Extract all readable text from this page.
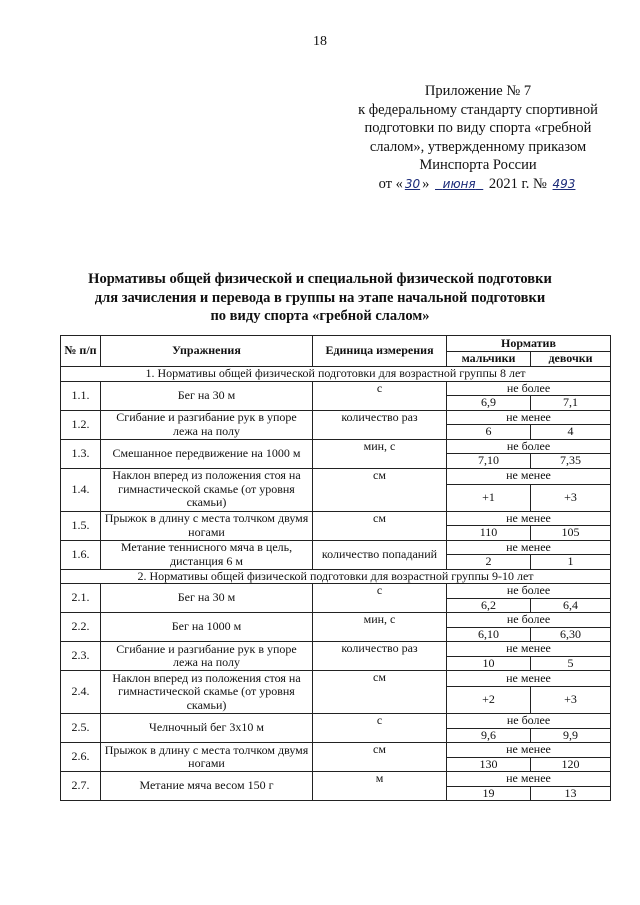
18
Приложение № 7
к федеральному стандарту спортивной
подготовки по виду спорта «гребной
слалом», утвержденному приказом
Минспорта России
от « 30 » июня 2021 г. № 493
Нормативы общей физической и специальной физической подготовки
для зачисления и перевода в группы на этапе начальной подготовки
по виду спорта «гребной слалом»
№ п/п	Упражнения	Единица измерения	Норматив	
			мальчики	девочки
1. Нормативы общей физической подготовки для возрастной группы 8 лет				
1.1.	Бег на 30 м	с	не более	
			6,9	7,1
1.2.	Сгибание и разгибание рук в упоре лежа на полу	количество раз	не менее	
			6	4
1.3.	Смешанное передвижение на 1000 м	мин, с	не более	
			7,10	7,35
1.4.	Наклон вперед из положения стоя на гимнастической скамье (от уровня скамьи)	см	не менее	
			+1	+3
1.5.	Прыжок в длину с места толчком двумя ногами	см	не менее	
			110	105
1.6.	Метание теннисного мяча в цель, дистанция 6 м	количество попаданий	не менее	
			2	1
2. Нормативы общей физической подготовки для возрастной группы 9-10 лет				
2.1.	Бег на 30 м	с	не более	
			6,2	6,4
2.2.	Бег на 1000 м	мин, с	не более	
			6,10	6,30
2.3.	Сгибание и разгибание рук в упоре лежа на полу	количество раз	не менее	
			10	5
2.4.	Наклон вперед из положения стоя на гимнастической скамье (от уровня скамьи)	см	не менее	
			+2	+3
2.5.	Челночный бег 3х10 м	с	не более	
			9,6	9,9
2.6.	Прыжок в длину с места толчком двумя ногами	см	не менее	
			130	120
2.7.	Метание мяча весом 150 г	м	не менее	
			19	13
